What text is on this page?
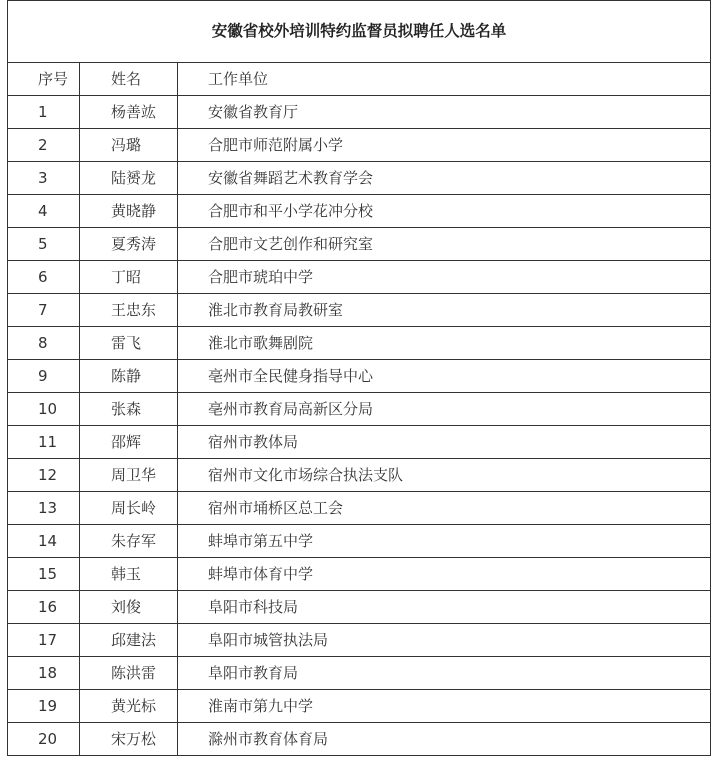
安徽省校外培训特约监督员拟聘任人选名单		
序号	姓名	工作单位
1	杨善竑	安徽省教育厅
2	冯璐	合肥市师范附属小学
3	陆赟龙	安徽省舞蹈艺术教育学会
4	黄晓静	合肥市和平小学花冲分校
5	夏秀涛	合肥市文艺创作和研究室
6	丁昭	合肥市琥珀中学
7	王忠东	淮北市教育局教研室
8	雷飞	淮北市歌舞剧院
9	陈静	亳州市全民健身指导中心
10	张森	亳州市教育局高新区分局
11	邵辉	宿州市教体局
12	周卫华	宿州市文化市场综合执法支队
13	周长岭	宿州市埇桥区总工会
14	朱存军	蚌埠市第五中学
15	韩玉	蚌埠市体育中学
16	刘俊	阜阳市科技局
17	邱建法	阜阳市城管执法局
18	陈洪雷	阜阳市教育局
19	黄光标	淮南市第九中学
20	宋万松	滁州市教育体育局
